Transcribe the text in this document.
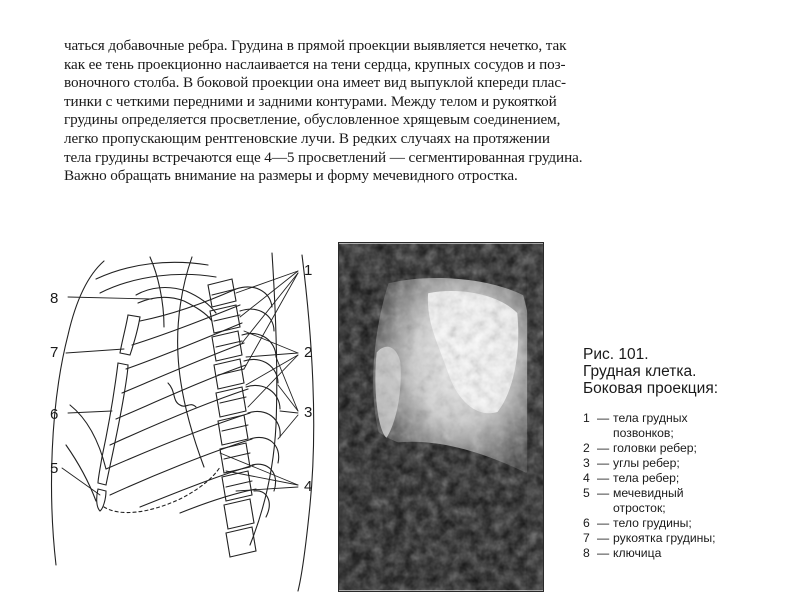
чаться добавочные ребра. Грудина в прямой проекции выявляется нечетко, так
как ее тень проекционно наслаивается на тени сердца, крупных сосудов и поз-
воночного столба. В боковой проекции она имеет вид выпуклой кпереди плас-
тинки с четкими передними и задними контурами. Между телом и рукояткой
грудины определяется просветление, обусловленное хрящевым соединением,
легко пропускающим рентгеновские лучи. В редких случаях на протяжении
тела грудины встречаются еще 4—5 просветлений — сегментированная грудина.
Важно обращать внимание на размеры и форму мечевидного отростка.
1
2
3
4
5
6
7
8
Рис. 101.
Грудная клетка.
Боковая проекция:
1 — тела грудных
позвонков;
2 — головки ребер;
3 — углы ребер;
4 — тела ребер;
5 — мечевидный
отросток;
6 — тело грудины;
7 — рукоятка грудины;
8 — ключица
